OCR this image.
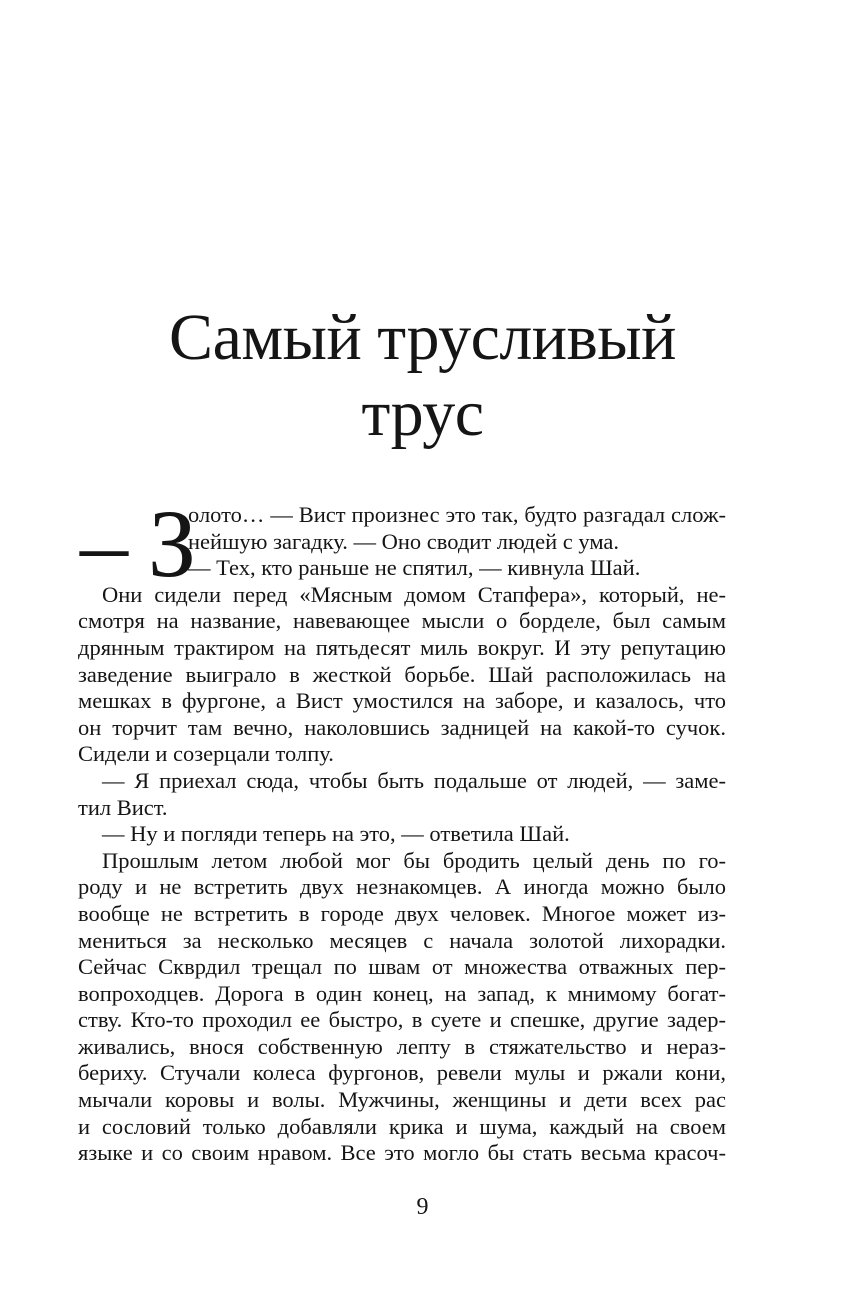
Самый трусливый
трус
– З
олото… — Вист произнес это так, будто разгадал слож-
нейшую загадку. — Оно сводит людей с ума.
— Тех, кто раньше не спятил, — кивнула Шай.
Они сидели перед «Мясным домом Стапфера», который, не-
смотря на название, навевающее мысли о борделе, был самым
дрянным трактиром на пятьдесят миль вокруг. И эту репутацию
заведение выиграло в жесткой борьбе. Шай расположилась на
мешках в фургоне, а Вист умостился на заборе, и казалось, что
он торчит там вечно, наколовшись задницей на какой-то сучок.
Сидели и созерцали толпу.
— Я приехал сюда, чтобы быть подальше от людей, — заме-
тил Вист.
— Ну и погляди теперь на это, — ответила Шай.
Прошлым летом любой мог бы бродить целый день по го-
роду и не встретить двух незнакомцев. А иногда можно было
вообще не встретить в городе двух человек. Многое может из-
мениться за несколько месяцев с начала золотой лихорадки.
Сейчас Скврдил трещал по швам от множества отважных пер-
вопроходцев. Дорога в один конец, на запад, к мнимому богат-
ству. Кто-то проходил ее быстро, в суете и спешке, другие задер-
живались, внося собственную лепту в стяжательство и нераз-
бериху. Стучали колеса фургонов, ревели мулы и ржали кони,
мычали коровы и волы. Мужчины, женщины и дети всех рас
и сословий только добавляли крика и шума, каждый на своем
языке и со своим нравом. Все это могло бы стать весьма красоч-
9
